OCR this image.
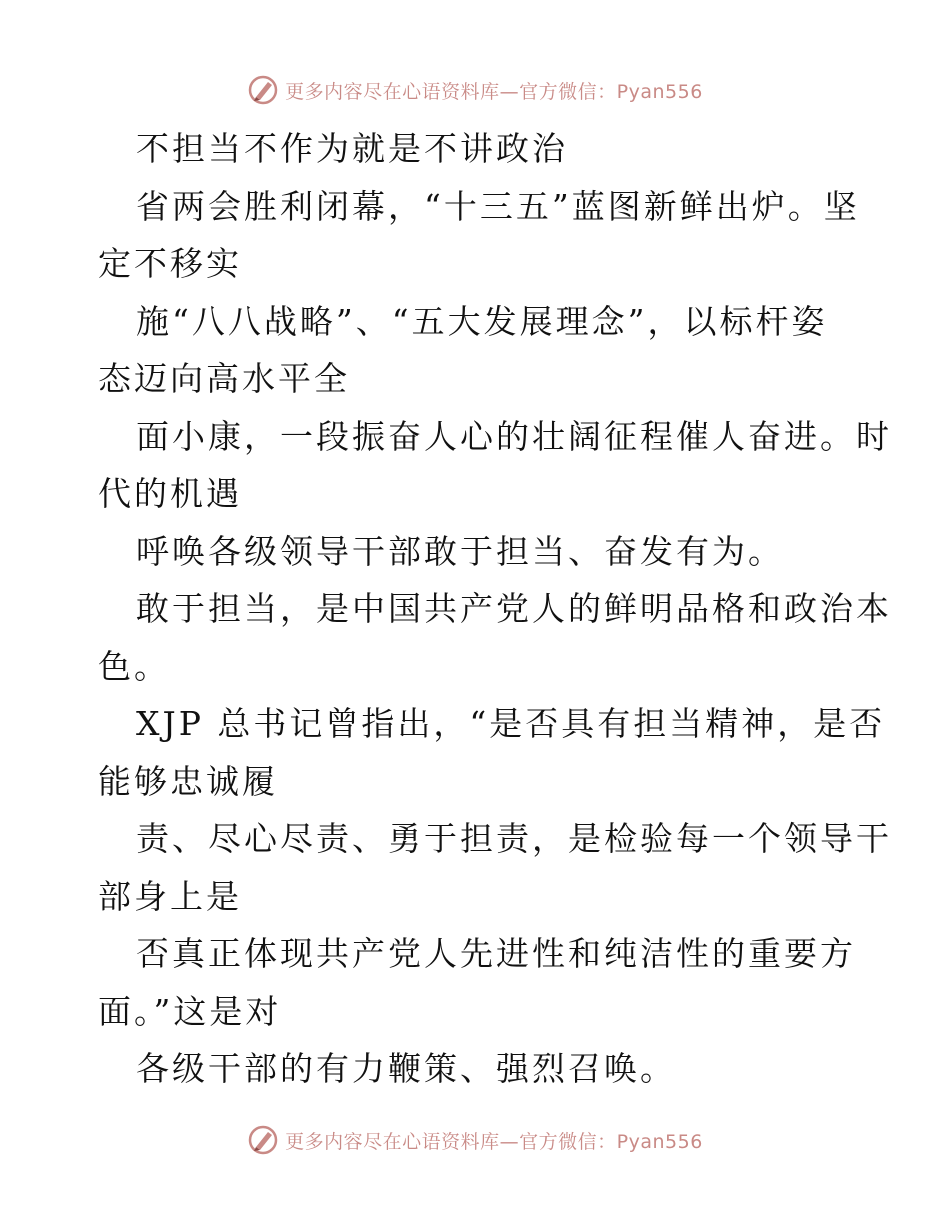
更多内容尽在心语资料库—官方微信：Pyan556

不担当不作为就是不讲政治

省两会胜利闭幕，“十三五”蓝图新鲜出炉。坚

定不移实

施“八八战略”、“五大发展理念”，以标杆姿

态迈向高水平全

面小康，一段振奋人心的壮阔征程催人奋进。时

代的机遇

呼唤各级领导干部敢于担当、奋发有为。

敢于担当，是中国共产党人的鲜明品格和政治本

色。

XJP 总书记曾指出，“是否具有担当精神，是否

能够忠诚履

责、尽心尽责、勇于担责，是检验每一个领导干

部身上是

否真正体现共产党人先进性和纯洁性的重要方

面。”这是对

各级干部的有力鞭策、强烈召唤。

更多内容尽在心语资料库—官方微信：Pyan556
